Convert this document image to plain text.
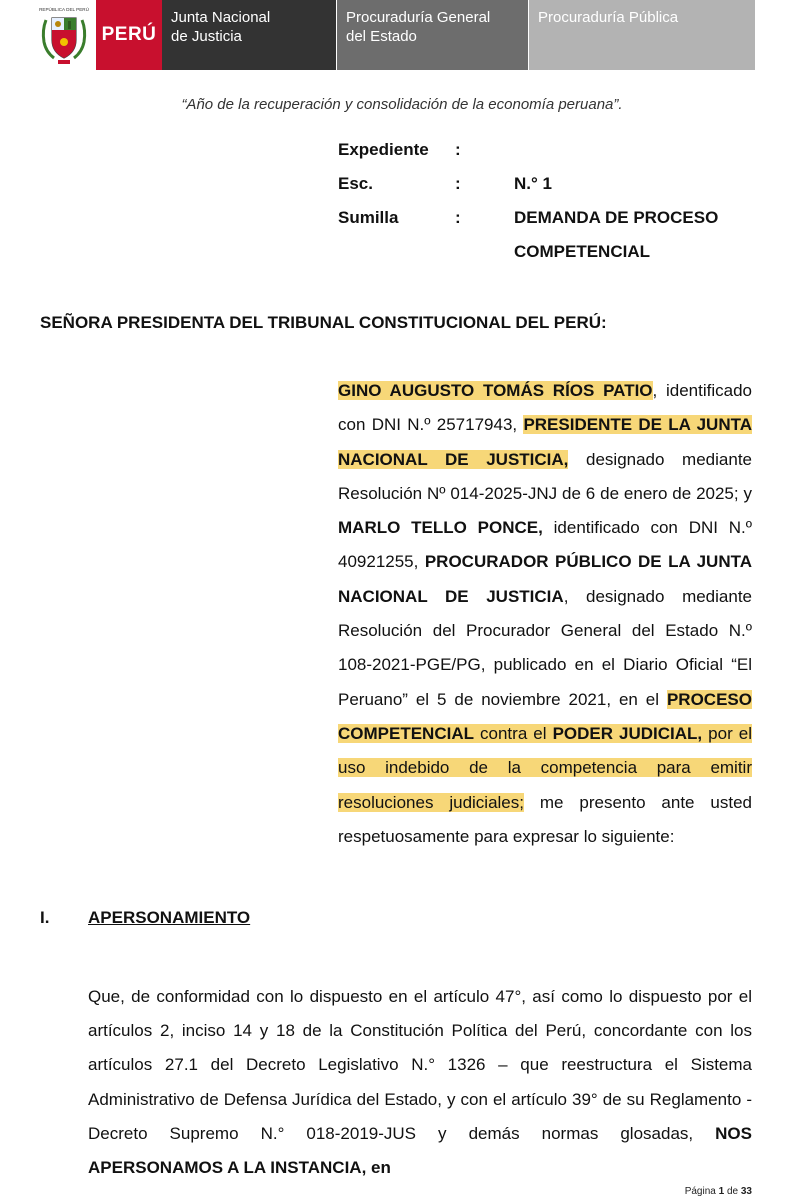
REPÚBLICA DEL PERÚ
PERÚ
Junta Nacional
de Justicia
Procuraduría General
del Estado
Procuraduría Pública
“Año de la recuperación y consolidación de la economía peruana”.
Expediente :
Esc.	:	N.° 1
Sumilla	:	DEMANDA DE PROCESO
COMPETENCIAL
SEÑORA PRESIDENTA DEL TRIBUNAL CONSTITUCIONAL DEL PERÚ:
GINO AUGUSTO TOMÁS RÍOS PATIO, identificado con DNI N.º 25717943, PRESIDENTE DE LA JUNTA NACIONAL DE JUSTICIA, designado mediante Resolución Nº 014-2025-JNJ de 6 de enero de 2025; y MARLO TELLO PONCE, identificado con DNI N.º 40921255, PROCURADOR PÚBLICO DE LA JUNTA NACIONAL DE JUSTICIA, designado mediante Resolución del Procurador General del Estado N.º 108-2021-PGE/PG, publicado en el Diario Oficial “El Peruano” el 5 de noviembre 2021, en el PROCESO COMPETENCIAL contra el PODER JUDICIAL, por el uso indebido de la competencia para emitir resoluciones judiciales; me presento ante usted respetuosamente para expresar lo siguiente:
I. APERSONAMIENTO
Que, de conformidad con lo dispuesto en el artículo 47°, así como lo dispuesto por el artículos 2, inciso 14 y 18 de la Constitución Política del Perú, concordante con los artículos 27.1 del Decreto Legislativo N.° 1326 – que reestructura el Sistema Administrativo de Defensa Jurídica del Estado, y con el artículo 39° de su Reglamento - Decreto Supremo N.° 018-2019-JUS y demás normas glosadas, NOS APERSONAMOS A LA INSTANCIA, en
Página 1 de 33
